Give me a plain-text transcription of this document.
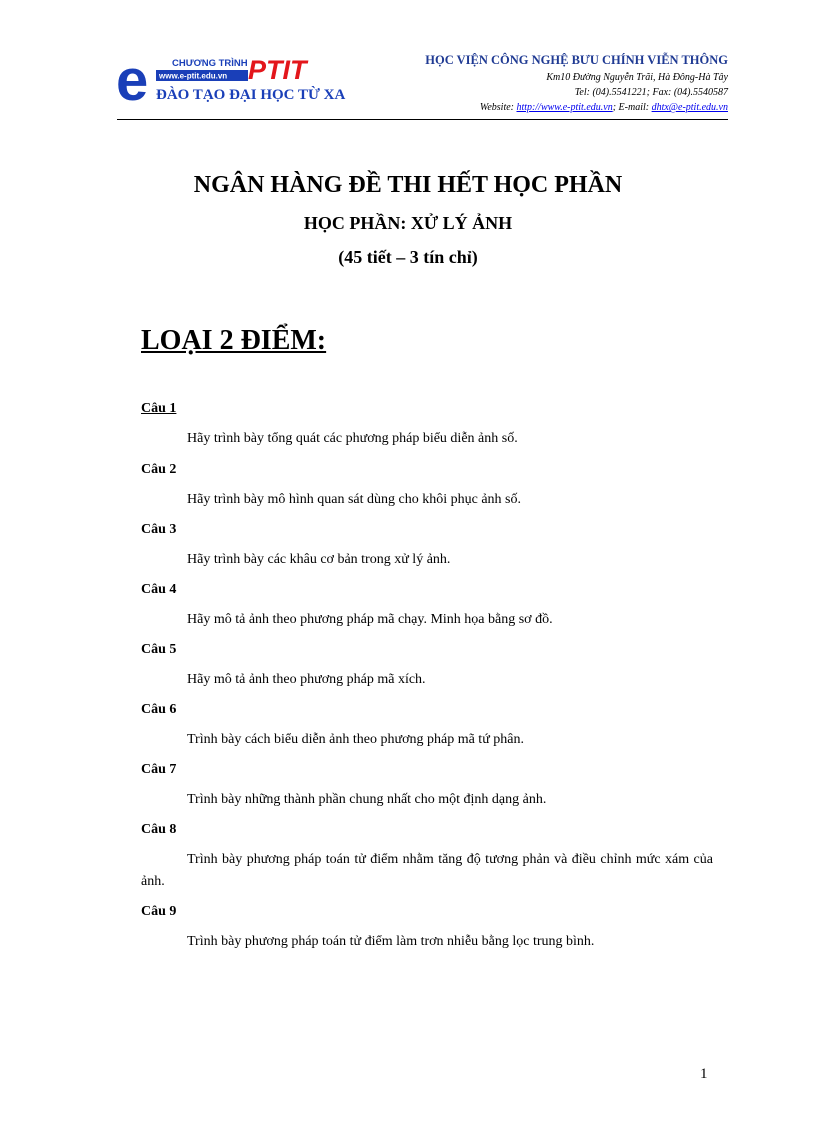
e CHƯƠNG TRÌNH
www.e-ptit.edu.vn PTIT
ĐÀO TẠO ĐẠI HỌC TỪ XA
HỌC VIỆN CÔNG NGHỆ BƯU CHÍNH VIỄN THÔNG
Km10 Đường Nguyễn Trãi, Hà Đông-Hà Tây
Tel: (04).5541221; Fax: (04).5540587
Website: http://www.e-ptit.edu.vn; E-mail: dhtx@e-ptit.edu.vn
NGÂN HÀNG ĐỀ THI HẾT HỌC PHẦN
HỌC PHẦN: XỬ LÝ ẢNH
(45 tiết – 3 tín chỉ)
LOẠI 2 ĐIỂM:
Câu 1
Hãy trình bày tổng quát các phương pháp biểu diễn ảnh số.
Câu 2
Hãy trình bày mô hình quan sát dùng cho khôi phục ảnh số.
Câu 3
Hãy trình bày các khâu cơ bản trong xử lý ảnh.
Câu 4
Hãy mô tả ảnh theo phương pháp mã chạy. Minh họa bằng sơ đồ.
Câu 5
Hãy mô tả ảnh theo phương pháp mã xích.
Câu 6
Trình bày cách biểu diễn ảnh theo phương pháp mã tứ phân.
Câu 7
Trình bày những thành phần chung nhất cho một định dạng ảnh.
Câu 8
Trình bày phương pháp toán tử điểm nhằm tăng độ tương phản và điều chỉnh mức xám của ảnh.
Câu 9
Trình bày phương pháp toán tử điểm làm trơn nhiễu bằng lọc trung bình.
1
